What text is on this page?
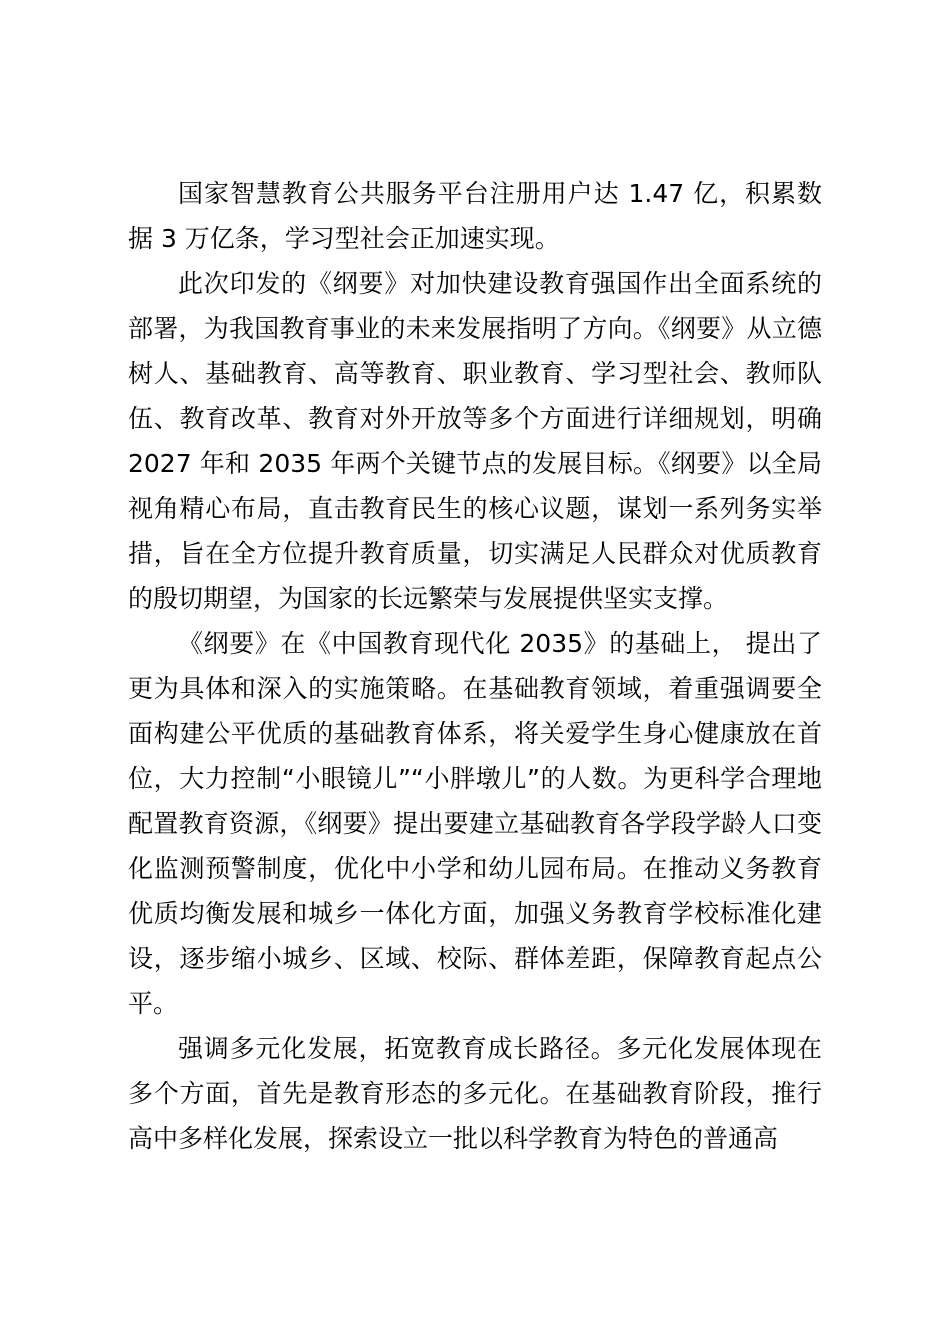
国家智慧教育公共服务平台注册用户达 1.47 亿，积累数据 3 万亿条，学习型社会正加速实现。

此次印发的《纲要》对加快建设教育强国作出全面系统的部署，为我国教育事业的未来发展指明了方向。《纲要》从立德树人、基础教育、高等教育、职业教育、学习型社会、教师队伍、教育改革、教育对外开放等多个方面进行详细规划，明确 2027 年和 2035 年两个关键节点的发展目标。《纲要》以全局视角精心布局，直击教育民生的核心议题，谋划一系列务实举措，旨在全方位提升教育质量，切实满足人民群众对优质教育的殷切期望，为国家的长远繁荣与发展提供坚实支撑。

《纲要》在《中国教育现代化 2035》的基础上， 提出了更为具体和深入的实施策略。在基础教育领域，着重强调要全面构建公平优质的基础教育体系，将关爱学生身心健康放在首位，大力控制“小眼镜儿”“小胖墩儿”的人数。为更科学合理地配置教育资源，《纲要》提出要建立基础教育各学段学龄人口变化监测预警制度，优化中小学和幼儿园布局。在推动义务教育优质均衡发展和城乡一体化方面，加强义务教育学校标准化建设，逐步缩小城乡、区域、校际、群体差距，保障教育起点公平。

强调多元化发展，拓宽教育成长路径。多元化发展体现在多个方面，首先是教育形态的多元化。在基础教育阶段，推行高中多样化发展，探索设立一批以科学教育为特色的普通高
